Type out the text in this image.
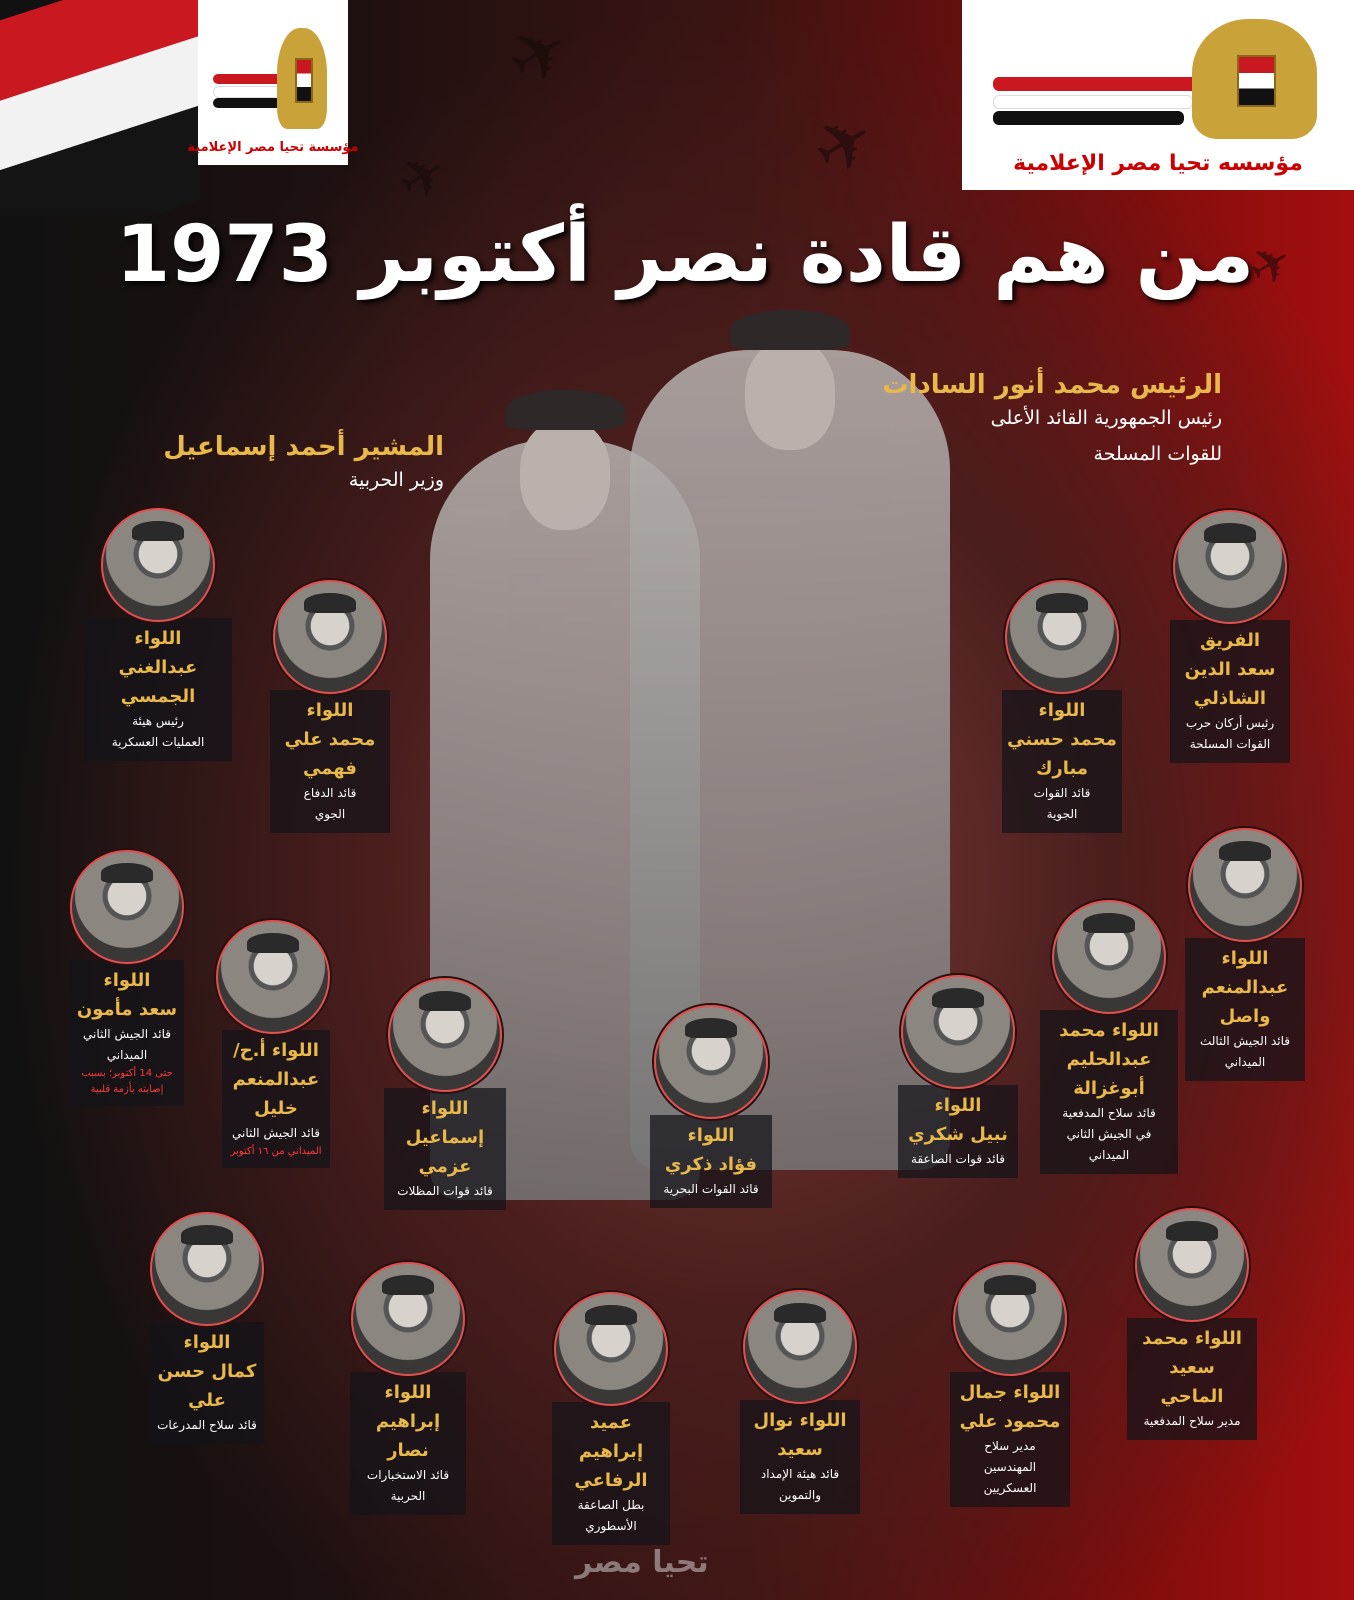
✈
✈
✈
✈
مؤسسة تحيا مصر الإعلامية
مؤسسه تحيا مصر الإعلامية
من هم قادة نصر أكتوبر 1973
الرئيس محمد أنور السادات
رئيس الجمهورية القائد الأعلى
للقوات المسلحة
المشير أحمد إسماعيل
وزير الحربية
الفريق
سعد الدين
الشاذلي
رئيس أركان حرب
القوات المسلحة
اللواء
محمد حسني
مبارك
قائد القوات
الجوية
اللواء
محمد علي
فهمي
قائد الدفاع
الجوي
اللواء
عبدالغني
الجمسي
رئيس هيئة
العمليات العسكرية
اللواء
عبدالمنعم
واصل
قائد الجيش الثالث
الميداني
اللواء محمد
عبدالحليم
أبوغزالة
قائد سلاح المدفعية
في الجيش الثاني
الميداني
اللواء
نبيل شكري
قائد قوات الصاعقة
اللواء
فؤاد ذكري
قائد القوات البحرية
اللواء
إسماعيل
عزمي
قائد قوات المظلات
اللواء أ.ح/
عبدالمنعم
خليل
قائد الجيش الثاني
الميداني من ١٦ أكتوبر
اللواء
سعد مأمون
قائد الجيش الثاني
الميداني
حتى 14 أكتوبر؛ بسبب
إصابته بأزمة قلبية
اللواء
كمال حسن
علي
قائد سلاح المدرعات
اللواء
إبراهيم نصار
قائد الاستخبارات
الحربية
عميد إبراهيم
الرفاعي
بطل الصاعقة
الأسطوري
اللواء نوال
سعيد
قائد هيئة الإمداد
والتموين
اللواء جمال
محمود علي
مدير سلاح
المهندسين
العسكريين
اللواء محمد
سعيد
الماحي
مدير سلاح المدفعية
تحيا مصر
